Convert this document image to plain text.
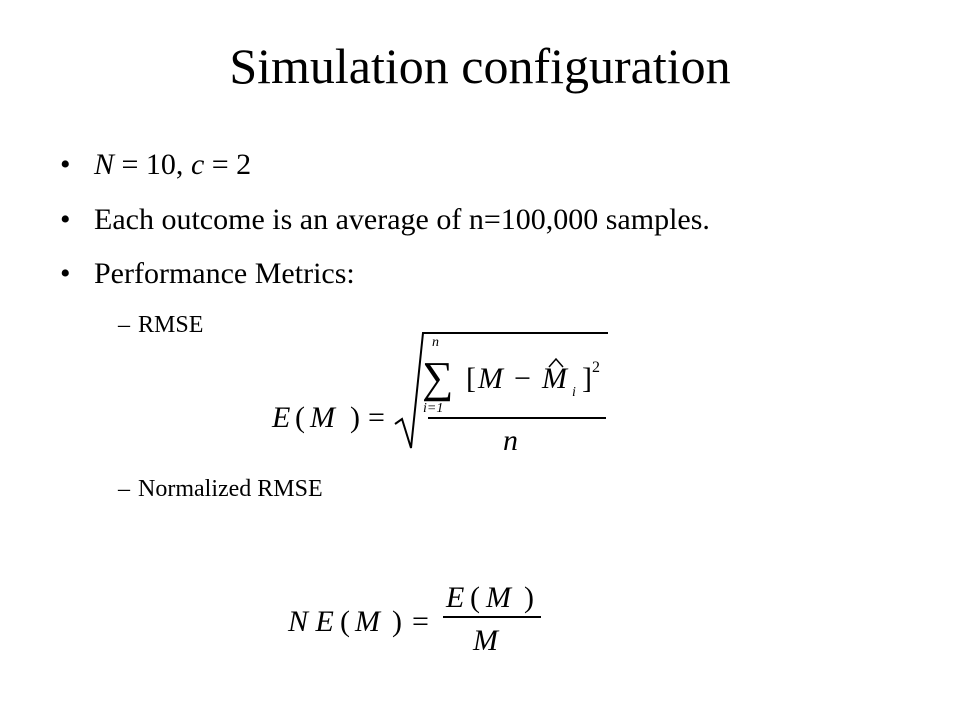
Simulation configuration
• N = 10, c = 2
• Each outcome is an average of n=100,000 samples.
• Performance Metrics:
– RMSE
– Normalized RMSE
E ( M ) =
n
∑
i=1
[ M − M i ] 2
n
N E ( M ) =
E ( M )
M
